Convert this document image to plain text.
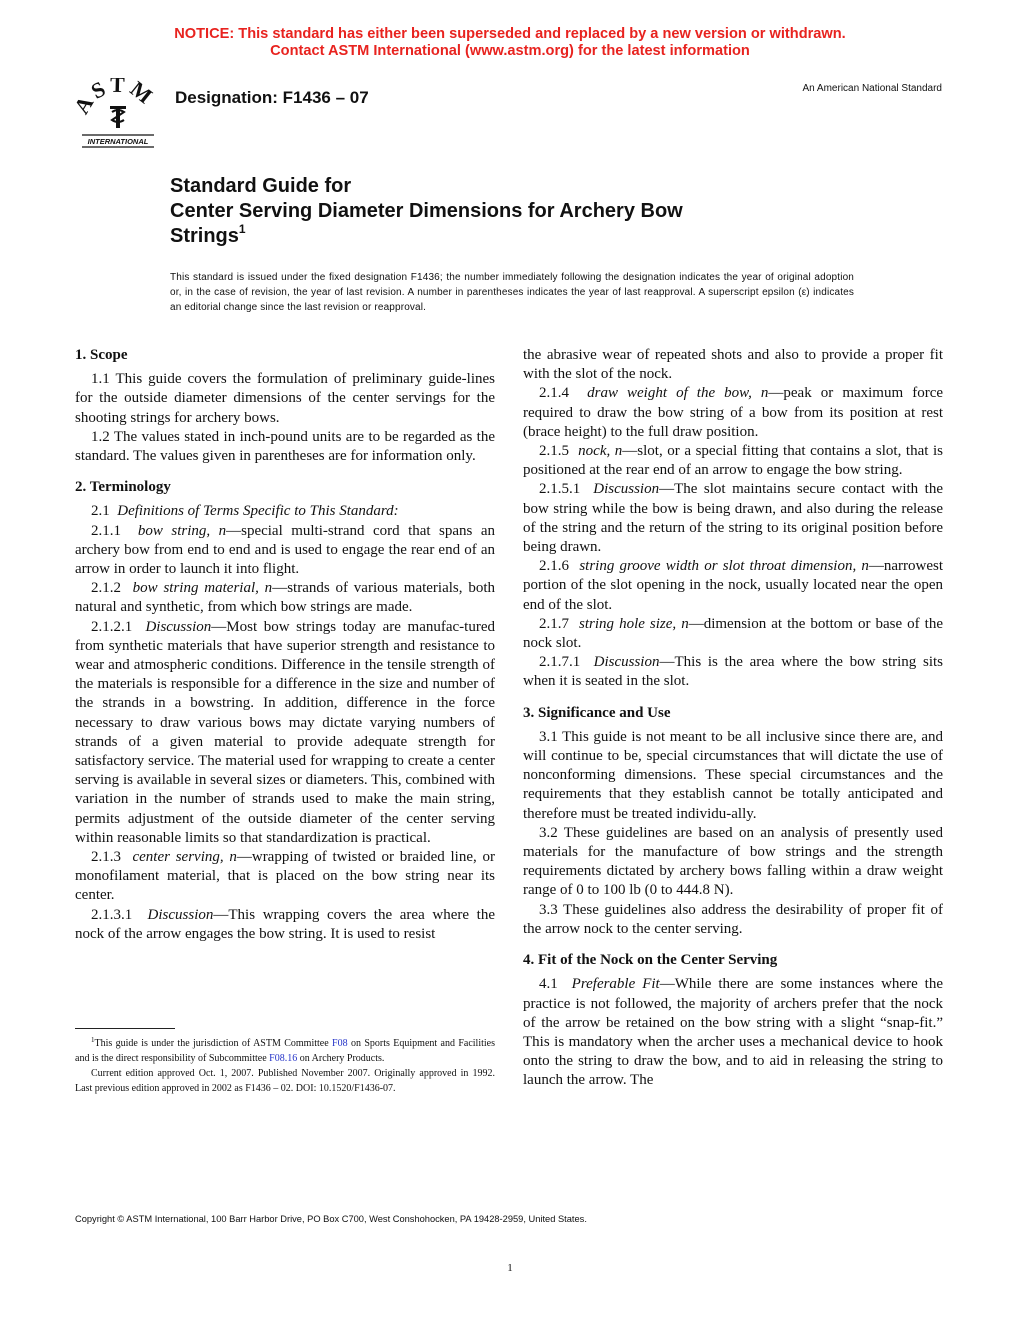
NOTICE: This standard has either been superseded and replaced by a new version or withdrawn.
Contact ASTM International (www.astm.org) for the latest information
STM
INTERNATIONAL
Designation: F1436 – 07	An American National Standard
Standard Guide for
Center Serving Diameter Dimensions for Archery Bow
Strings$^1$
This standard is issued under the fixed designation F1436; the number immediately following the designation indicates the year of original adoption or, in the case of revision, the year of last revision. A number in parentheses indicates the year of last reapproval. A superscript epsilon (ε) indicates an editorial change since the last revision or reapproval.
1. Scope

1.1 This guide covers the formulation of preliminary guide-lines for the outside diameter dimensions of the center servings for the shooting strings for archery bows.

1.2 The values stated in inch-pound units are to be regarded as the standard. The values given in parentheses are for information only.

2. Terminology

2.1 Definitions of Terms Specific to This Standard:

2.1.1 bow string, n—special multi-strand cord that spans an archery bow from end to end and is used to engage the rear end of an arrow in order to launch it into flight.

2.1.2 bow string material, n—strands of various materials, both natural and synthetic, from which bow strings are made.

2.1.2.1 Discussion—Most bow strings today are manufac-tured from synthetic materials that have superior strength and resistance to wear and atmospheric conditions. Difference in the tensile strength of the materials is responsible for a difference in the size and number of the strands in a bowstring. In addition, difference in the force necessary to draw various bows may dictate varying numbers of strands of a given material to provide adequate strength for satisfactory service. The material used for wrapping to create a center serving is available in several sizes or diameters. This, combined with variation in the number of strands used to make the main string, permits adjustment of the outside diameter of the center serving within reasonable limits so that standardization is practical.

2.1.3 center serving, n—wrapping of twisted or braided line, or monofilament material, that is placed on the bow string near its center.

2.1.3.1 Discussion—This wrapping covers the area where the nock of the arrow engages the bow string. It is used to resist

the abrasive wear of repeated shots and also to provide a proper fit with the slot of the nock.

2.1.4 draw weight of the bow, n—peak or maximum force required to draw the bow string of a bow from its position at rest (brace height) to the full draw position.

2.1.5 nock, n—slot, or a special fitting that contains a slot, that is positioned at the rear end of an arrow to engage the bow string.

2.1.5.1 Discussion—The slot maintains secure contact with the bow string while the bow is being drawn, and also during the release of the string and the return of the string to its original position before being drawn.

2.1.6 string groove width or slot throat dimension, n—narrowest portion of the slot opening in the nock, usually located near the open end of the slot.

2.1.7 string hole size, n—dimension at the bottom or base of the nock slot.

2.1.7.1 Discussion—This is the area where the bow string sits when it is seated in the slot.

3. Significance and Use

3.1 This guide is not meant to be all inclusive since there are, and will continue to be, special circumstances that will dictate the use of nonconforming dimensions. These special circumstances and the requirements that they establish cannot be totally anticipated and therefore must be treated individu-ally.

3.2 These guidelines are based on an analysis of presently used materials for the manufacture of bow strings and the strength requirements dictated by archery bows falling within a draw weight range of 0 to 100 lb (0 to 444.8 N).

3.3 These guidelines also address the desirability of proper fit of the arrow nock to the center serving.

4. Fit of the Nock on the Center Serving

4.1 Preferable Fit—While there are some instances where the practice is not followed, the majority of archers prefer that the nock of the arrow be retained on the bow string with a slight “snap-fit.” This is mandatory when the archer uses a mechanical device to hook onto the string to draw the bow, and to aid in releasing the string to launch the arrow. The

$^1$This guide is under the jurisdiction of ASTM Committee F08 on Sports Equipment and Facilities and is the direct responsibility of Subcommittee F08.16 on Archery Products.

Current edition approved Oct. 1, 2007. Published November 2007. Originally approved in 1992. Last previous edition approved in 2002 as F1436 – 02. DOI: 10.1520/F1436-07.

Copyright © ASTM International, 100 Barr Harbor Drive, PO Box C700, West Conshohocken, PA 19428-2959, United States.
1
